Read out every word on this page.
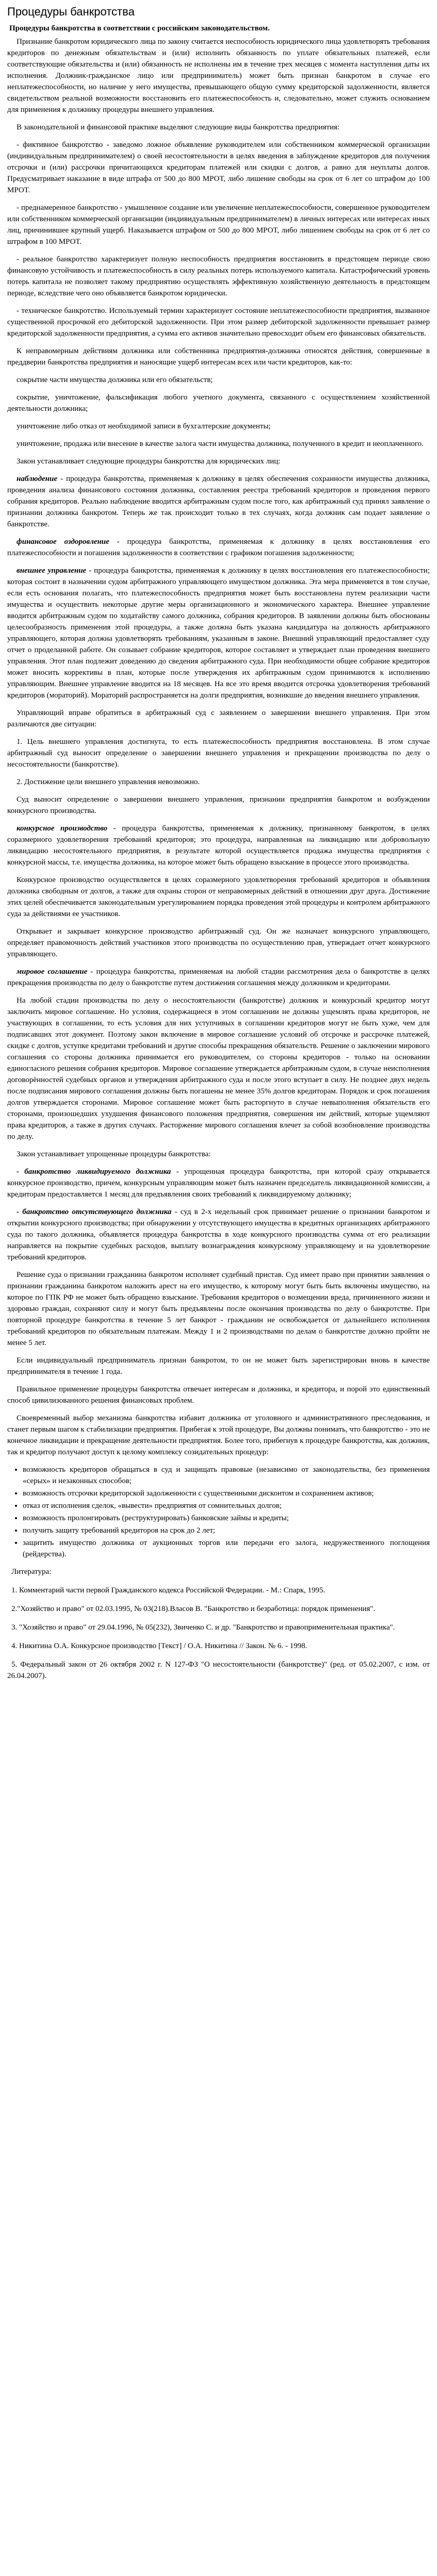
Процедуры банкротства
Процедуры банкротства в соответствии с российским законодательством.

Признание банкротом юридического лица по закону считается неспособность юридического лица удовлетворять требования кредиторов по денежным обязательствам и (или) исполнить обязанность по уплате обязательных платежей, если соответствующие обязательства и (или) обязанность не исполнены им в течение трех месяцев с момента наступления даты их исполнения. Должник-гражданское лицо или предприниматель) может быть признан банкротом в случае его неплатежеспособности, но наличие у него имущества, превышающего общую сумму кредиторской задолженности, является свидетельством реальной возможности восстановить его платежеспособность и, следовательно, может служить основанием для применения к должнику процедуры внешнего управления.

В законодательной и финансовой практике выделяют следующие виды банкротства предприятия:

- фиктивное банкротство - заведомо ложное объявление руководителем или собственником коммерческой организации (индивидуальным предпринимателем) о своей несостоятельности в целях введения в заблуждение кредиторов для получения отсрочки и (или) рассрочки причитающихся кредиторам платежей или скидки с долгов, а равно для неуплаты долгов. Предусматривает наказание в виде штрафа от 500 до 800 МРОТ, либо лишение свободы на срок от 6 лет со штрафом до 100 МРОТ.

- преднамеренное банкротство - умышленное создание или увеличение неплатежеспособности, совершенное руководителем или собственником коммерческой организации (индивидуальным предпринимателем) в личных интересах или интересах иных лиц, причинившее крупный ущерб. Наказывается штрафом от 500 до 800 МРОТ, либо лишением свободы на срок от 6 лет со штрафом в 100 МРОТ.

- реальное банкротство характеризует полную неспособность предприятия восстановить в предстоящем периоде свою финансовую устойчивость и платежеспособность в силу реальных потерь используемого капитала. Катастрофический уровень потерь капитала не позволяет такому предприятию осуществлять эффективную хозяйственную деятельность в предстоящем периоде, вследствие чего оно объявляется банкротом юридически.

- техническое банкротство. Используемый термин характеризует состояние неплатежеспособности предприятия, вызванное существенной просрочкой его дебиторской задолженности. При этом размер дебиторской задолженности превышает размер кредиторской задолженности предприятия, а сумма его активов значительно превосходит объем его финансовых обязательств.

К неправомерным действиям должника или собственника предприятия-должника относятся действия, совершенные в преддверии банкротства предприятия и наносящие ущерб интересам всех или части кредиторов, как-то:

сокрытие части имущества должника или его обязательств;

сокрытие, уничтожение, фальсификация любого учетного документа, связанного с осуществлением хозяйственной деятельности должника;

уничтожение либо отказ от необходимой записи в бухгалтерские документы;

уничтожение, продажа или внесение в качестве залога части имущества должника, полученного в кредит и неоплаченного.

Закон устанавливает следующие процедуры банкротства для юридических лиц:

наблюдение - процедура банкротства, применяемая к должнику в целях обеспечения сохранности имущества должника, проведения анализа финансового состояния должника, составления реестра требований кредиторов и проведения первого собрания кредиторов. Реально наблюдение вводится арбитражным судом после того, как арбитражный суд принял заявление о признании должника банкротом. Теперь же так происходит только в тех случаях, когда должник сам подает заявление о банкротстве.

финансовое оздоровление - процедура банкротства, применяемая к должнику в целях восстановления его платежеспособности и погашения задолженности в соответствии с графиком погашения задолженности;

внешнее управление - процедура банкротства, применяемая к должнику в целях восстановления его платежеспособности; которая состоит в назначении судом арбитражного управляющего имуществом должника. Эта мера применяется в том случае, если есть основания полагать, что платежеспособность предприятия может быть восстановлена путем реализации части имущества и осуществить некоторые другие меры организационного и экономического характера. Внешнее управление вводится арбитражным судом по ходатайству самого должника, собрания кредиторов. В заявлении должны быть обоснованы целесообразность применения этой процедуры, а также должна быть указана кандидатура на должность арбитражного управляющего, которая должна удовлетворять требованиям, указанным в законе. Внешний управляющий предоставляет суду отчет о проделанной работе. Он созывает собрание кредиторов, которое составляет и утверждает план проведения внешнего управления. Этот план подлежит доведению до сведения арбитражного суда. При необходимости общее собрание кредиторов может вносить коррективы в план, которые после утверждения их арбитражным судом принимаются к исполнению управляющим. Внешнее управление вводится на 18 месяцев. На все это время вводится отсрочка удовлетворения требований кредиторов (мораторий). Мораторий распространяется на долги предприятия, возникшие до введения внешнего управления.

Управляющий вправе обратиться в арбитражный суд с заявлением о завершении внешнего управления. При этом различаются две ситуации:

1. Цель внешнего управления достигнута, то есть платежеспособность предприятия восстановлена. В этом случае арбитражный суд выносит определение о завершении внешнего управления и прекращении производства по делу о несостоятельности (банкротстве).

2. Достижение цели внешнего управления невозможно.

Суд выносит определение о завершении внешнего управления, признании предприятия банкротом и возбуждении конкурсного производства.

конкурсное производство - процедура банкротства, применяемая к должнику, признанному банкротом, в целях соразмерного удовлетворения требований кредиторов; это процедура, направленная на ликвидацию или добровольную ликвидацию несостоятельного предприятия, в результате которой осуществляется продажа имущества предприятия с конкурсной массы, т.е. имущества должника, на которое может быть обращено взыскание в процессе этого производства.

Конкурсное производство осуществляется в целях соразмерного удовлетворения требований кредиторов и объявления должника свободным от долгов, а также для охраны сторон от неправомерных действий в отношении друг друга. Достижение этих целей обеспечивается законодательным урегулированием порядка проведения этой процедуры и контролем арбитражного суда за действиями ее участников.

Открывает и закрывает конкурсное производство арбитражный суд. Он же назначает конкурсного управляющего, определяет правомочность действий участников этого производства по осуществлению прав, утверждает отчет конкурсного управляющего.

мировое соглашение - процедура банкротства, применяемая на любой стадии рассмотрения дела о банкротстве в целях прекращения производства по делу о банкротстве путем достижения соглашения между должником и кредиторами.

На любой стадии производства по делу о несостоятельности (банкротстве) должник и конкурсный кредитор могут заключить мировое соглашение. Но условия, содержащиеся в этом соглашении не должны ущемлять права кредиторов, не участвующих в соглашении, то есть условия для них уступчивых в соглашении кредиторов могут не быть хуже, чем для подписавших этот документ. Поэтому закон включение в мировое соглашение условий об отсрочке и рассрочке платежей, скидке с долгов, уступке кредитами требований и другие способы прекращения обязательств. Решение о заключении мирового соглашения со стороны должника принимается его руководителем, со стороны кредиторов - только на основании единогласного решения собрания кредиторов. Мировое соглашение утверждается арбитражным судом, в случае неисполнения договорённостей судебных органов и утверждения арбитражного суда и после этого вступает в силу. Не позднее двух недель после подписания мирового соглашения должны быть погашены не менее 35% долгов кредиторам. Порядок и срок погашения долгов утверждается сторонами. Мировое соглашение может быть расторгнуто в случае невыполнения обязательств его сторонами, произошедших ухудшения финансового положения предприятия, совершения им действий, которые ущемляют права кредиторов, а также в других случаях. Расторжение мирового соглашения влечет за собой возобновление производства по делу.

Закон устанавливает упрощенные процедуры банкротства:

- банкротство ликвидируемого должника - упрощенная процедура банкротства, при которой сразу открывается конкурсное производство, причем, конкурсным управляющим может быть назначен председатель ликвидационной комиссии, а кредиторам предоставляется 1 месяц для предъявления своих требований к ликвидируемому должнику;

- банкротство отсутствующего должника - суд в 2-х недельный срок принимает решение о признании банкротом и открытии конкурсного производства; при обнаружении у отсутствующего имущества в кредитных организациях арбитражного суда по такого должника, объявляется процедура банкротства в ходе конкурсного производства сумма от его реализации направляется на покрытие судебных расходов, выплату вознаграждения конкурсному управляющему и на удовлетворение требований кредиторов.

Решение суда о признании гражданина банкротом исполняет судебный пристав. Суд имеет право при принятии заявления о признании гражданина банкротом наложить арест на его имущество, к которому могут быть быть включены имущество, на которое по ГПК РФ не может быть обращено взыскание. Требования кредиторов о возмещении вреда, причиненного жизни и здоровью граждан, сохраняют силу и могут быть предъявлены после окончания производства по делу о банкротстве. При повторной процедуре банкротства в течение 5 лет банкрот - гражданин не освобождается от дальнейшего исполнения требований кредиторов по обязательным платежам. Между 1 и 2 производствами по делам о банкротстве должно пройти не менее 5 лет.

Если индивидуальный предприниматель признан банкротом, то он не может быть зарегистрирован вновь в качестве предпринимателя в течение 1 года.

Правильное применение процедуры банкротства отвечает интересам и должника, и кредитора, и порой это единственный способ цивилизованного решения финансовых проблем.

Своевременный выбор механизма банкротства избавит должника от уголовного и административного преследования, и станет первым шагом к стабилизации предприятия. Прибегая к этой процедуре, Вы должны понимать, что банкротство - это не конечное ликвидации и прекращение деятельности предприятия. Более того, прибегнув к процедуре банкротства, как должник, так и кредитор получают доступ к целому комплексу созидательных процедур:

• возможность кредиторов обращаться в суд и защищать правовые (независимо от законодательства, без применения «серых» и незаконных способов;
• возможность отсрочки кредиторской задолженности с существенными дисконтом и сохранением активов;
• отказ от исполнения сделок, «вывести» предприятия от сомнительных долгов;
• возможность пролонгировать (реструктурировать) банковские займы и кредиты;
• получить защиту требований кредиторов на срок до 2 лет;
• защитить имущество должника от аукционных торгов или передачи его залога, недружественного поглощения (рейдерства).

Литература:

1. Комментарий части первой Гражданского кодекса Российской Федерации. - М.: Спарк, 1995.

2."Хозяйство и право" от 02.03.1995, № 03(218).Власов В. "Банкротство и безработица: порядок применения".

3. "Хозяйство и право" от 29.04.1996, № 05(232), Звиченко С. и др. "Банкротство и правоприменительная практика".

4. Никитина О.А. Конкурсное производство [Текст] / О.А. Никитина // Закон. № 6. - 1998.

5. Федеральный закон от 26 октября 2002 г. N 127-ФЗ "О несостоятельности (банкротстве)" (ред. от 05.02.2007, с изм. от 26.04.2007).
